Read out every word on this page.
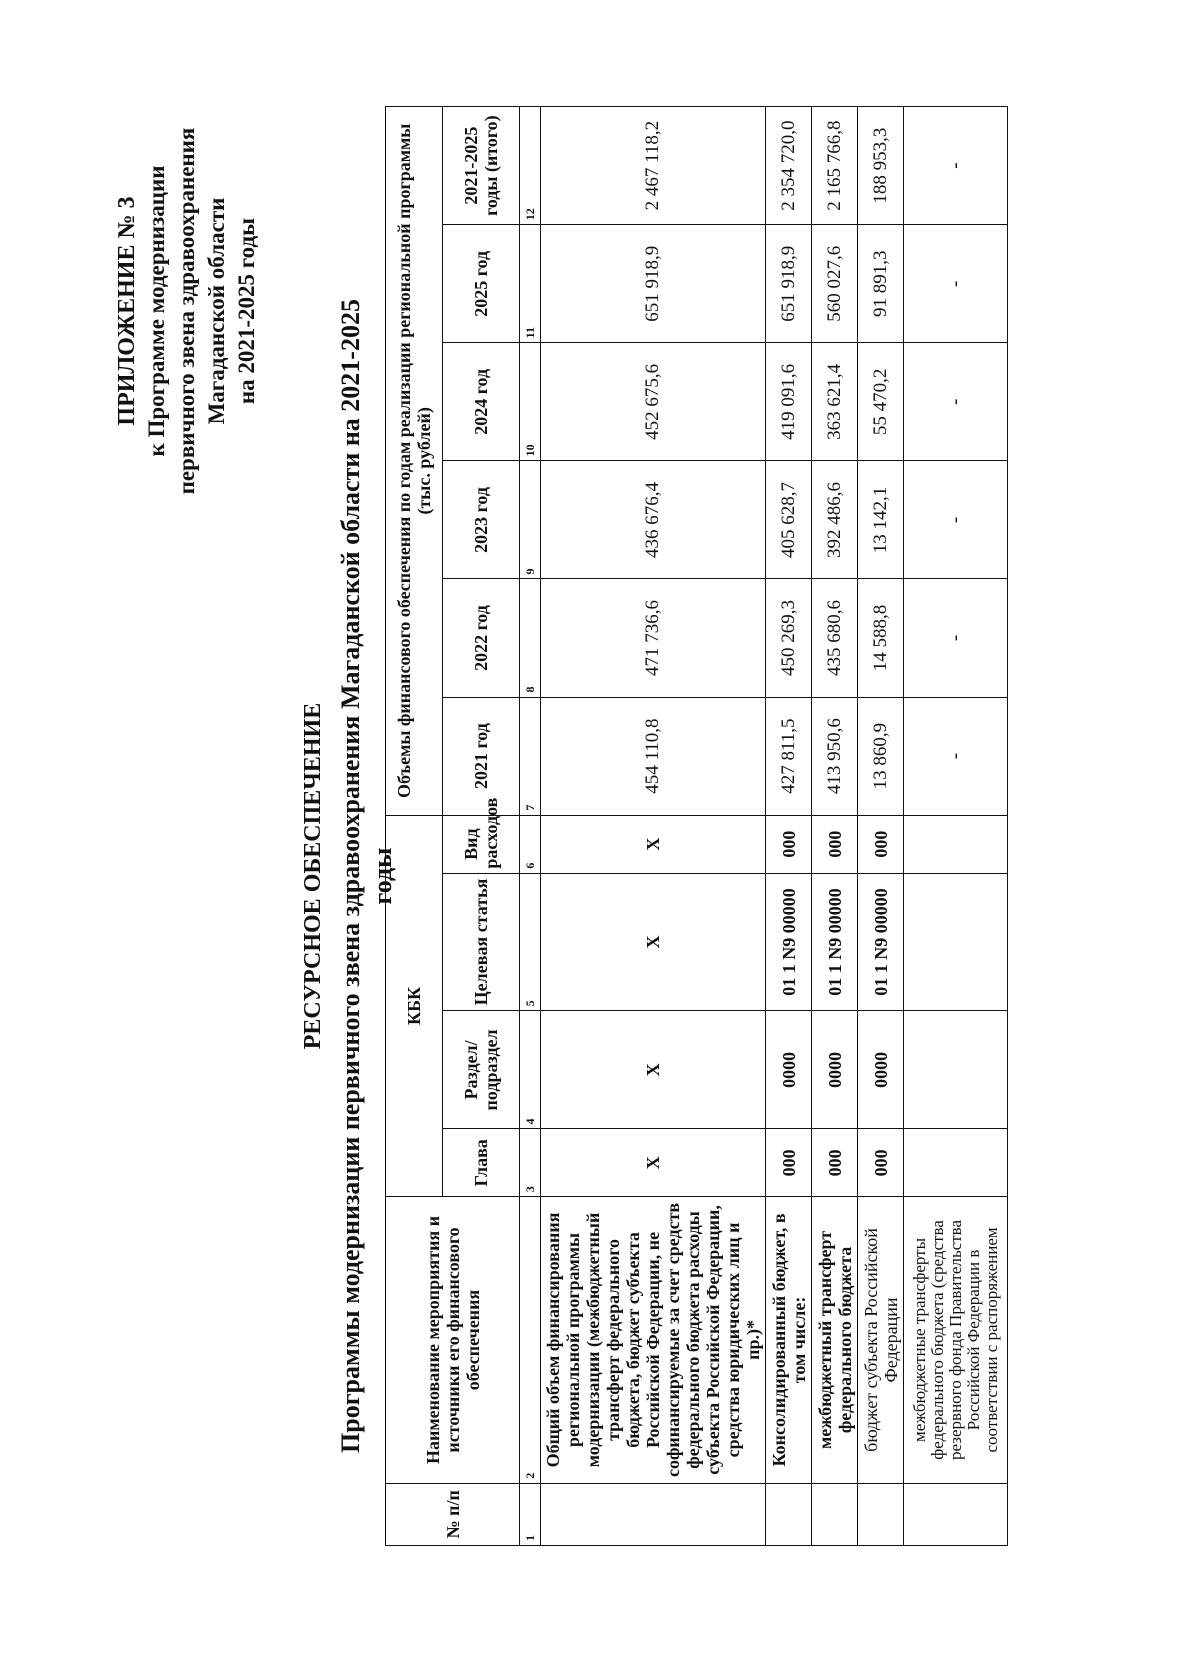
ПРИЛОЖЕНИЕ № 3 к Программе модернизации первичного звена здравоохранения Магаданской области на 2021-2025 годы
РЕСУРСНОЕ ОБЕСПЕЧЕНИЕ Программы модернизации первичного звена здравоохранения Магаданской области на 2021-2025 годы
№ п/п	Наименование мероприятия и источники его финансового обеспечения	КБК				Объемы финансового обеспечения по годам реализации региональной программы (тыс. рублей)					
		Глава	Раздел/ подраздел	Целевая статья	Вид расходов	2021 год	2022 год	2023 год	2024 год	2025 год	2021-2025 годы (итого)
1	2	3	4	5	6	7	8	9	10	11	12
	Общий объем финансирования региональной программы модернизации (межбюджетный трансферт федерального бюджета, бюджет субъекта Российской Федерации, не софинансируемые за счет средств федерального бюджета расходы субъекта Российской Федерации, средства юридических лиц и пр.)*	X	X	X	X	454 110,8	471 736,6	436 676,4	452 675,6	651 918,9	2 467 118,2
	Консолидированный бюджет, в том числе:	000	0000	01 1 N9 00000	000	427 811,5	450 269,3	405 628,7	419 091,6	651 918,9	2 354 720,0
	межбюджетный трансферт федерального бюджета	000	0000	01 1 N9 00000	000	413 950,6	435 680,6	392 486,6	363 621,4	560 027,6	2 165 766,8
	бюджет субъекта Российской Федерации	000	0000	01 1 N9 00000	000	13 860,9	14 588,8	13 142,1	55 470,2	91 891,3	188 953,3
	межбюджетные трансферты федерального бюджета (средства резервного фонда Правительства Российской Федерации в соответствии с распоряжением					-	-	-	-	-	-
